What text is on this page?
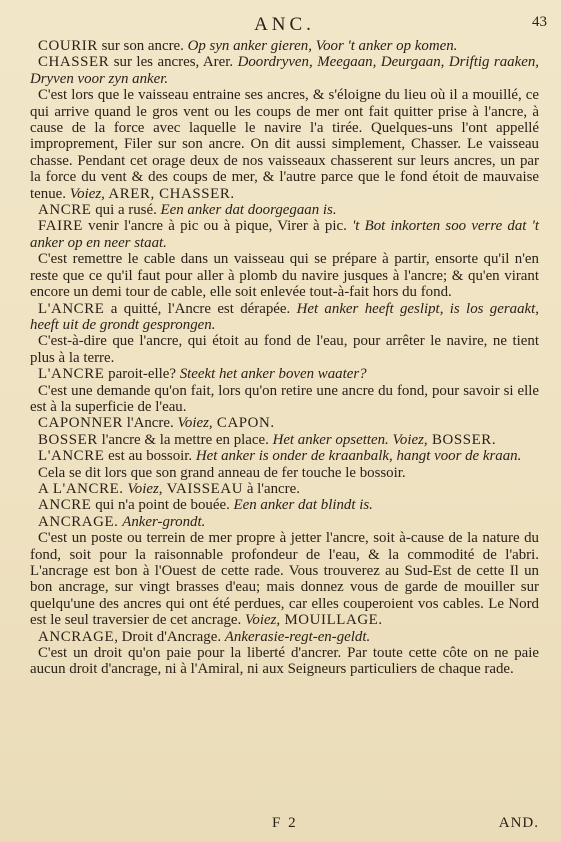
ANC.	43

COURIR sur son ancre. Op syn anker gieren, Voor 't anker op komen.

CHASSER sur les ancres, Arer. Doordryven, Meegaan, Deurgaan, Driftig raaken, Dryven voor zyn anker.

C'est lors que le vaisseau entraine ses ancres, & s'éloigne du lieu où il a mouillé, ce qui arrive quand le gros vent ou les coups de mer ont fait quitter prise à l'ancre, à cause de la force avec laquelle le navire l'a tirée. Quelques-uns l'ont appellé improprement, Filer sur son ancre. On dit aussi simplement, Chasser. Le vaisseau chasse. Pendant cet orage deux de nos vaisseaux chasserent sur leurs ancres, un par la force du vent & des coups de mer, & l'autre parce que le fond étoit de mauvaise tenue. Voiez, ARER, CHASSER.

ANCRE qui a rusé. Een anker dat doorgegaan is.

FAIRE venir l'ancre à pic ou à pique, Virer à pic. 't Bot inkorten soo verre dat 't anker op en neer staat.

C'est remettre le cable dans un vaisseau qui se prépare à partir, ensorte qu'il n'en reste que ce qu'il faut pour aller à plomb du navire jusques à l'ancre; & qu'en virant encore un demi tour de cable, elle soit enlevée tout-à-fait hors du fond.

L'ANCRE a quitté, l'Ancre est dérapée. Het anker heeft geslipt, is los geraakt, heeft uit de grondt gesprongen.

C'est-à-dire que l'ancre, qui étoit au fond de l'eau, pour arrêter le navire, ne tient plus à la terre.

L'ANCRE paroit-elle? Steekt het anker boven waater?

C'est une demande qu'on fait, lors qu'on retire une ancre du fond, pour savoir si elle est à la superficie de l'eau.

CAPONNER l'Ancre. Voiez, CAPON.

BOSSER l'ancre & la mettre en place. Het anker opsetten. Voiez, BOSSER.

L'ANCRE est au bossoir. Het anker is onder de kraanbalk, hangt voor de kraan.

Cela se dit lors que son grand anneau de fer touche le bossoir.

A L'ANCRE. Voiez, VAISSEAU à l'ancre.

ANCRE qui n'a point de bouée. Een anker dat blindt is.

ANCRAGE. Anker-grondt.

C'est un poste ou terrein de mer propre à jetter l'ancre, soit à-cause de la nature du fond, soit pour la raisonnable profondeur de l'eau, & la commodité de l'abri. L'ancrage est bon à l'Ouest de cette rade. Vous trouverez au Sud-Est de cette Il un bon ancrage, sur vingt brasses d'eau; mais donnez vous de garde de mouiller sur quelqu'une des ancres qui ont été perdues, car elles couperoient vos cables. Le Nord est le seul traversier de cet ancrage. Voiez, MOUILLAGE.

ANCRAGE, Droit d'Ancrage. Ankerasie-regt-en-geldt.

C'est un droit qu'on paie pour la liberté d'ancrer. Par toute cette côte on ne paie aucun droit d'ancrage, ni à l'Amiral, ni aux Seigneurs particuliers de chaque rade.

F 2	AND.
